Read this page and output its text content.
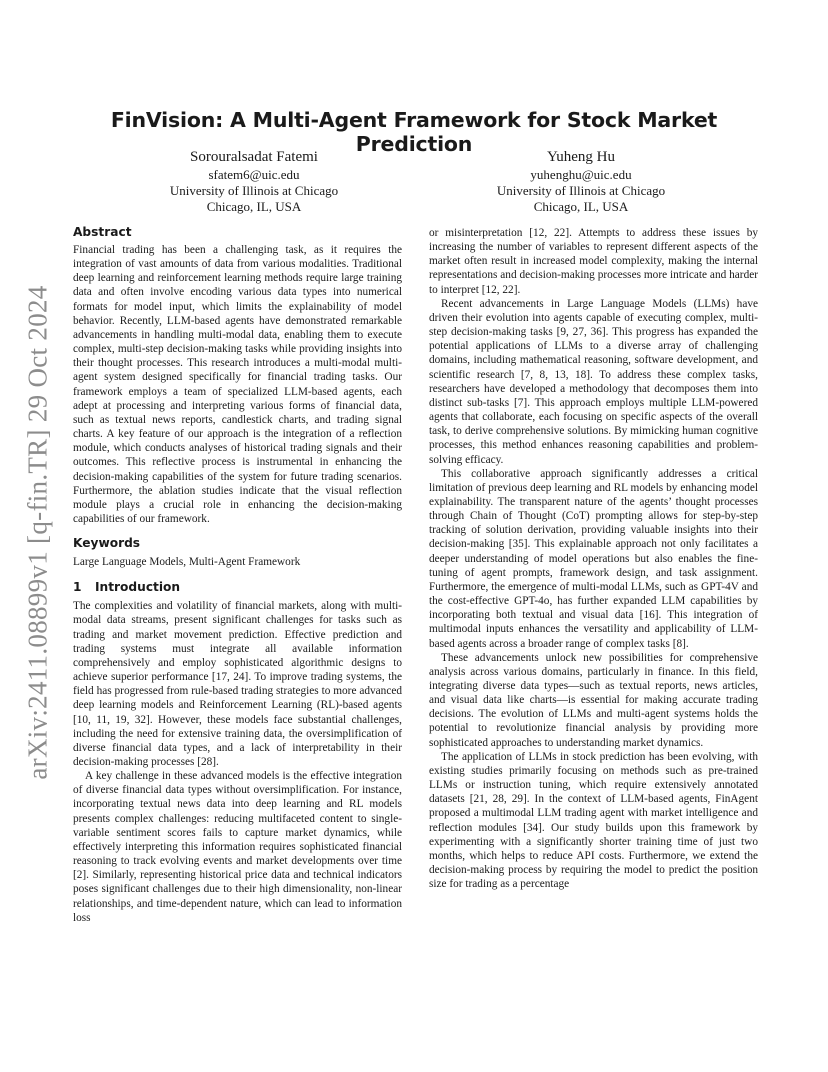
arXiv:2411.08899v1 [q-fin.TR] 29 Oct 2024
FinVision: A Multi-Agent Framework for Stock Market Prediction
Sorouralsadat Fatemi
sfatem6@uic.edu
University of Illinois at Chicago
Chicago, IL, USA
Yuheng Hu
yuhenghu@uic.edu
University of Illinois at Chicago
Chicago, IL, USA
Abstract

Financial trading has been a challenging task, as it requires the integration of vast amounts of data from various modalities. Traditional deep learning and reinforcement learning methods require large training data and often involve encoding various data types into numerical formats for model input, which limits the explainability of model behavior. Recently, LLM-based agents have demonstrated remarkable advancements in handling multi-modal data, enabling them to execute complex, multi-step decision-making tasks while providing insights into their thought processes. This research introduces a multi-modal multi-agent system designed specifically for financial trading tasks. Our framework employs a team of specialized LLM-based agents, each adept at processing and interpreting various forms of financial data, such as textual news reports, candlestick charts, and trading signal charts. A key feature of our approach is the integration of a reflection module, which conducts analyses of historical trading signals and their outcomes. This reflective process is instrumental in enhancing the decision-making capabilities of the system for future trading scenarios. Furthermore, the ablation studies indicate that the visual reflection module plays a crucial role in enhancing the decision-making capabilities of our framework.

Keywords

Large Language Models, Multi-Agent Framework

1 Introduction

The complexities and volatility of financial markets, along with multi-modal data streams, present significant challenges for tasks such as trading and market movement prediction. Effective prediction and trading systems must integrate all available information comprehensively and employ sophisticated algorithmic designs to achieve superior performance [17, 24]. To improve trading systems, the field has progressed from rule-based trading strategies to more advanced deep learning models and Reinforcement Learning (RL)-based agents [10, 11, 19, 32]. However, these models face substantial challenges, including the need for extensive training data, the oversimplification of diverse financial data types, and a lack of interpretability in their decision-making processes [28].

A key challenge in these advanced models is the effective integration of diverse financial data types without oversimplification. For instance, incorporating textual news data into deep learning and RL models presents complex challenges: reducing multifaceted content to single-variable sentiment scores fails to capture market dynamics, while effectively interpreting this information requires sophisticated financial reasoning to track evolving events and market developments over time [2]. Similarly, representing historical price data and technical indicators poses significant challenges due to their high dimensionality, non-linear relationships, and time-dependent nature, which can lead to information loss

or misinterpretation [12, 22]. Attempts to address these issues by increasing the number of variables to represent different aspects of the market often result in increased model complexity, making the internal representations and decision-making processes more intricate and harder to interpret [12, 22].

Recent advancements in Large Language Models (LLMs) have driven their evolution into agents capable of executing complex, multi-step decision-making tasks [9, 27, 36]. This progress has expanded the potential applications of LLMs to a diverse array of challenging domains, including mathematical reasoning, software development, and scientific research [7, 8, 13, 18]. To address these complex tasks, researchers have developed a methodology that decomposes them into distinct sub-tasks [7]. This approach employs multiple LLM-powered agents that collaborate, each focusing on specific aspects of the overall task, to derive comprehensive solutions. By mimicking human cognitive processes, this method enhances reasoning capabilities and problem-solving efficacy.

This collaborative approach significantly addresses a critical limitation of previous deep learning and RL models by enhancing model explainability. The transparent nature of the agents’ thought processes through Chain of Thought (CoT) prompting allows for step-by-step tracking of solution derivation, providing valuable insights into their decision-making [35]. This explainable approach not only facilitates a deeper understanding of model operations but also enables the fine-tuning of agent prompts, framework design, and task assignment. Furthermore, the emergence of multi-modal LLMs, such as GPT-4V and the cost-effective GPT-4o, has further expanded LLM capabilities by incorporating both textual and visual data [16]. This integration of multimodal inputs enhances the versatility and applicability of LLM-based agents across a broader range of complex tasks [8].

These advancements unlock new possibilities for comprehensive analysis across various domains, particularly in finance. In this field, integrating diverse data types—such as textual reports, news articles, and visual data like charts—is essential for making accurate trading decisions. The evolution of LLMs and multi-agent systems holds the potential to revolutionize financial analysis by providing more sophisticated approaches to understanding market dynamics.

The application of LLMs in stock prediction has been evolving, with existing studies primarily focusing on methods such as pre-trained LLMs or instruction tuning, which require extensively annotated datasets [21, 28, 29]. In the context of LLM-based agents, FinAgent proposed a multimodal LLM trading agent with market intelligence and reflection modules [34]. Our study builds upon this framework by experimenting with a significantly shorter training time of just two months, which helps to reduce API costs. Furthermore, we extend the decision-making process by requiring the model to predict the position size for trading as a percentage
